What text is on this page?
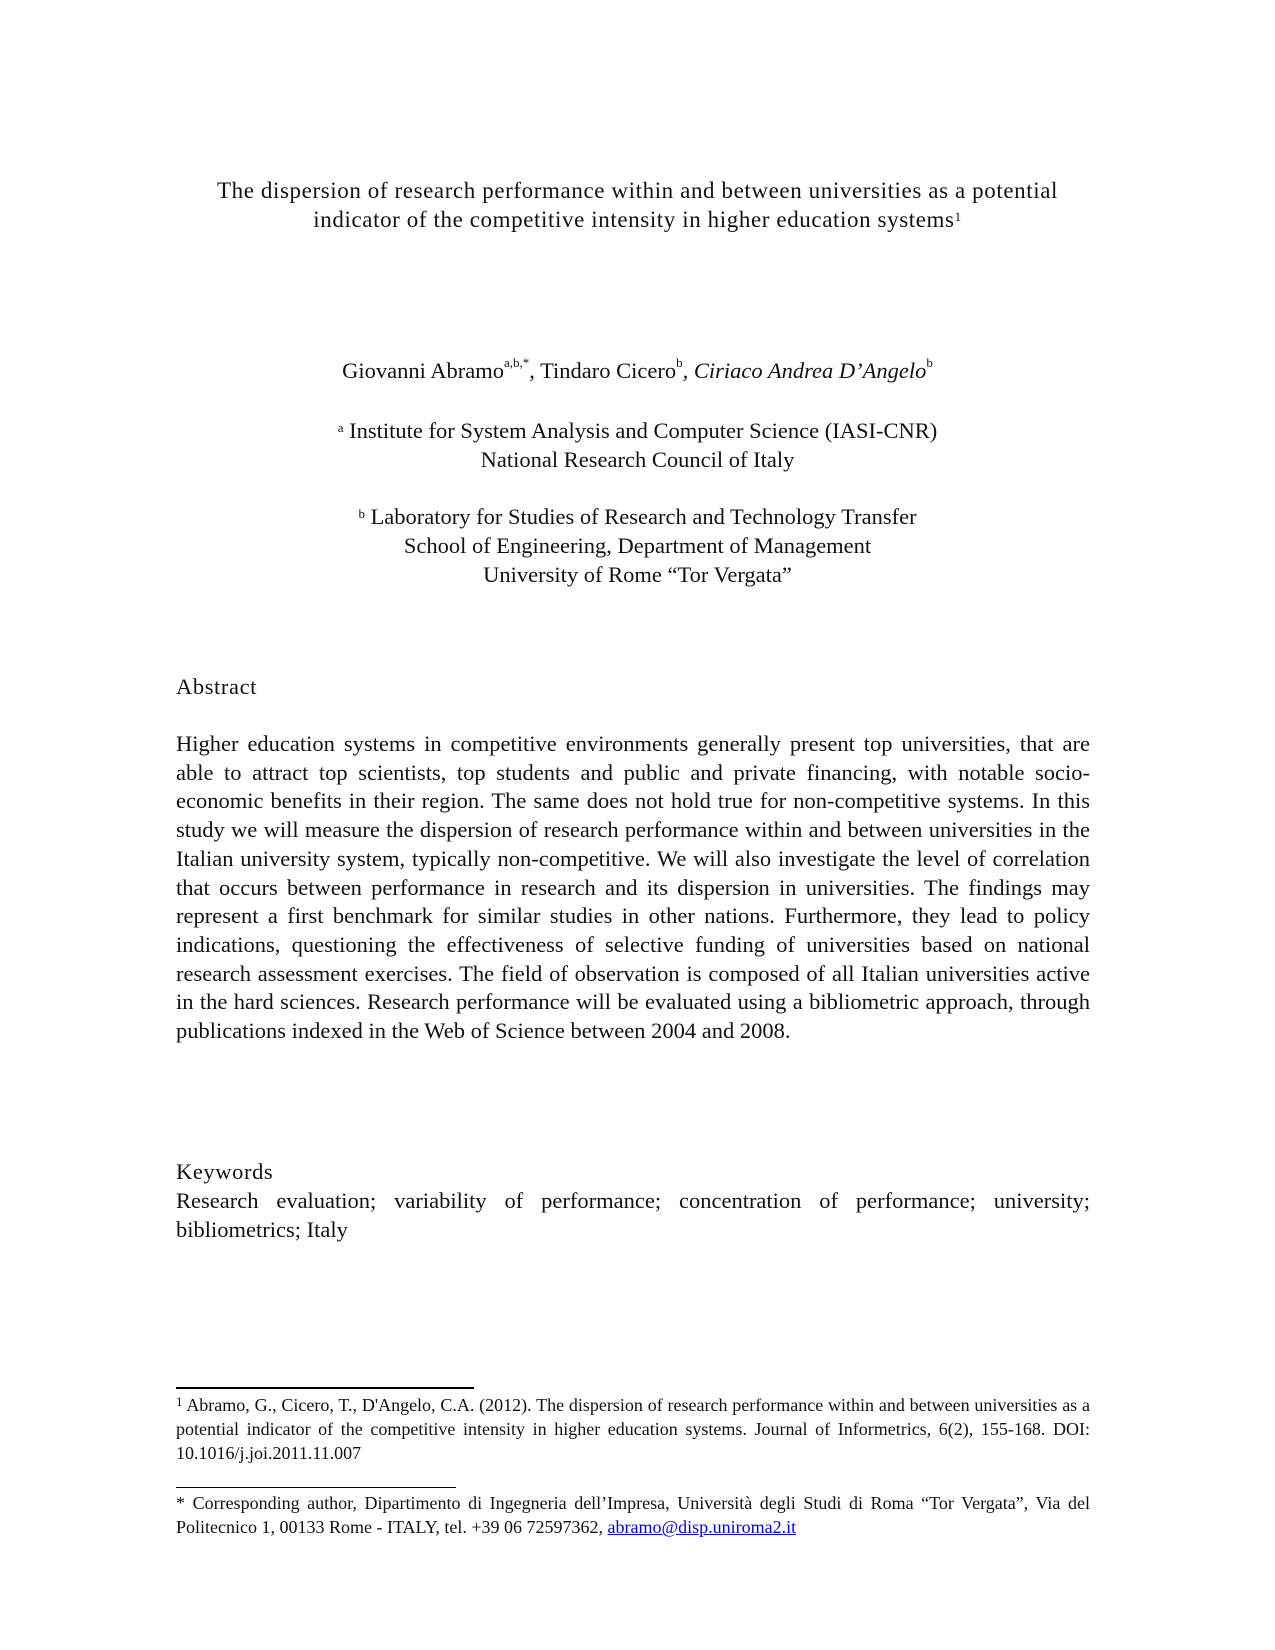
The dispersion of research performance within and between universities as a potential
indicator of the competitive intensity in higher education systems$^1$
Giovanni Abramo$^{a,b,*}$, Tindaro Cicero$^b$, Ciriaco Andrea D’Angelo$^b$
$^a$ Institute for System Analysis and Computer Science (IASI-CNR)
National Research Council of Italy
$^b$ Laboratory for Studies of Research and Technology Transfer
School of Engineering, Department of Management
University of Rome “Tor Vergata”
Abstract
Higher education systems in competitive environments generally present top universities, that are able to attract top scientists, top students and public and private financing, with notable socio-economic benefits in their region. The same does not hold true for non-competitive systems. In this study we will measure the dispersion of research performance within and between universities in the Italian university system, typically non-competitive. We will also investigate the level of correlation that occurs between performance in research and its dispersion in universities. The findings may represent a first benchmark for similar studies in other nations. Furthermore, they lead to policy indications, questioning the effectiveness of selective funding of universities based on national research assessment exercises. The field of observation is composed of all Italian universities active in the hard sciences. Research performance will be evaluated using a bibliometric approach, through publications indexed in the Web of Science between 2004 and 2008.
Keywords
Research evaluation; variability of performance; concentration of performance; university; bibliometrics; Italy
$^1$ Abramo, G., Cicero, T., D'Angelo, C.A. (2012). The dispersion of research performance within and between universities as a potential indicator of the competitive intensity in higher education systems. Journal of Informetrics, 6(2), 155-168. DOI: 10.1016/j.joi.2011.11.007
* Corresponding author, Dipartimento di Ingegneria dell’Impresa, Università degli Studi di Roma “Tor Vergata”, Via del Politecnico 1, 00133 Rome - ITALY, tel. +39 06 72597362, abramo@disp.uniroma2.it
